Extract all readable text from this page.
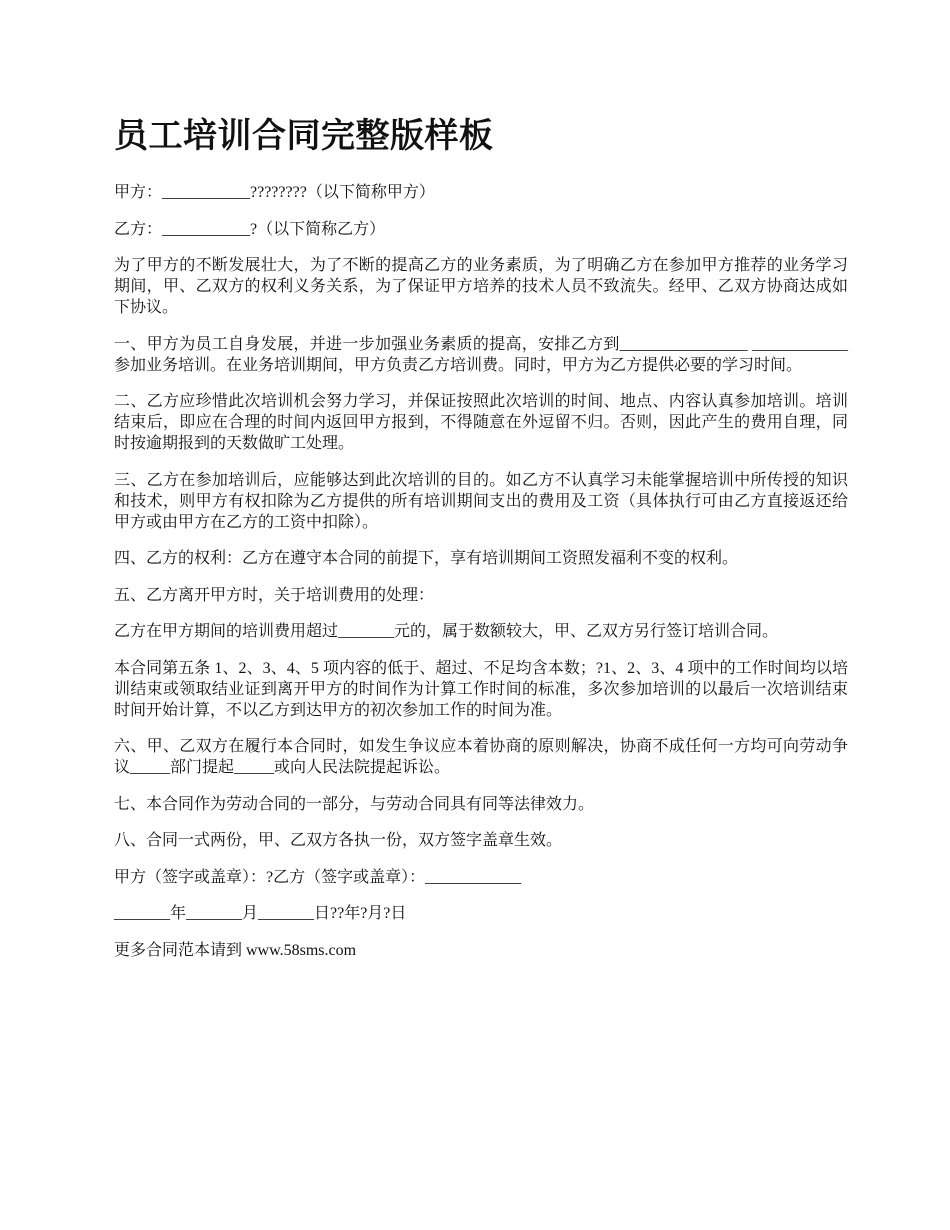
员工培训合同完整版样板

甲方：___________????????（以下简称甲方）

乙方：___________?（以下简称乙方）

为了甲方的不断发展壮大，为了不断的提高乙方的业务素质，为了明确乙方在参加甲方推荐的业务学习期间，甲、乙双方的权利义务关系，为了保证甲方培养的技术人员不致流失。经甲、乙双方协商达成如下协议。

一、甲方为员工自身发展，并进一步加强业务素质的提高，安排乙方到________________ ____________参加业务培训。在业务培训期间，甲方负责乙方培训费。同时，甲方为乙方提供必要的学习时间。

二、乙方应珍惜此次培训机会努力学习，并保证按照此次培训的时间、地点、内容认真参加培训。培训结束后，即应在合理的时间内返回甲方报到，不得随意在外逗留不归。否则，因此产生的费用自理，同时按逾期报到的天数做旷工处理。

三、乙方在参加培训后，应能够达到此次培训的目的。如乙方不认真学习未能掌握培训中所传授的知识和技术，则甲方有权扣除为乙方提供的所有培训期间支出的费用及工资（具体执行可由乙方直接返还给甲方或由甲方在乙方的工资中扣除）。

四、乙方的权利：乙方在遵守本合同的前提下，享有培训期间工资照发福利不变的权利。

五、乙方离开甲方时，关于培训费用的处理：

乙方在甲方期间的培训费用超过_______元的，属于数额较大，甲、乙双方另行签订培训合同。

本合同第五条 1、2、3、4、5 项内容的低于、超过、不足均含本数；?1、2、3、4 项中的工作时间均以培训结束或领取结业证到离开甲方的时间作为计算工作时间的标准，多次参加培训的以最后一次培训结束时间开始计算，不以乙方到达甲方的初次参加工作的时间为准。

六、甲、乙双方在履行本合同时，如发生争议应本着协商的原则解决，协商不成任何一方均可向劳动争议_____部门提起_____或向人民法院提起诉讼。

七、本合同作为劳动合同的一部分，与劳动合同具有同等法律效力。

八、合同一式两份，甲、乙双方各执一份，双方签字盖章生效。

甲方（签字或盖章）：?乙方（签字或盖章）：____________

_______年_______月_______日??年?月?日

更多合同范本请到 www.58sms.com
